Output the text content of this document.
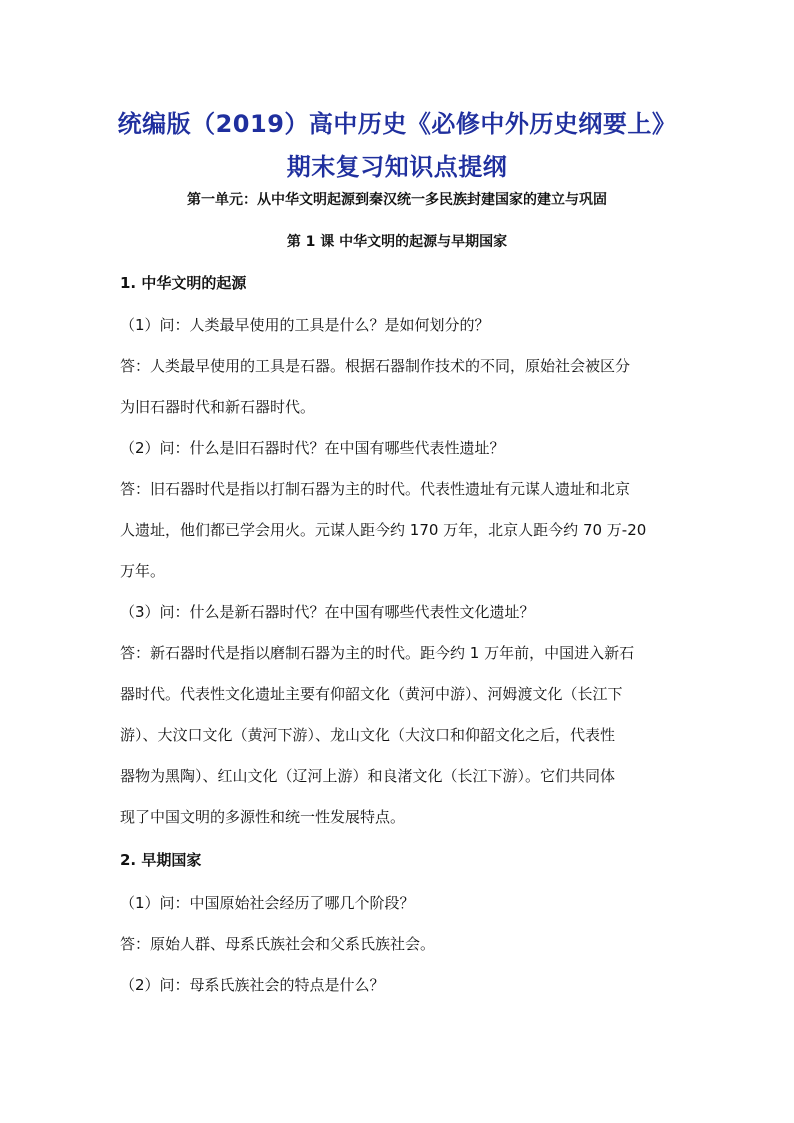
统编版（2019）高中历史《必修中外历史纲要上》
期末复习知识点提纲
第一单元：从中华文明起源到秦汉统一多民族封建国家的建立与巩固
第 1 课 中华文明的起源与早期国家
1. 中华文明的起源
（1）问：人类最早使用的工具是什么？是如何划分的？
答：人类最早使用的工具是石器。根据石器制作技术的不同，原始社会被区分
为旧石器时代和新石器时代。
（2）问：什么是旧石器时代？在中国有哪些代表性遗址？
答：旧石器时代是指以打制石器为主的时代。代表性遗址有元谋人遗址和北京
人遗址，他们都已学会用火。元谋人距今约 170 万年，北京人距今约 70 万-20
万年。
（3）问：什么是新石器时代？在中国有哪些代表性文化遗址？
答：新石器时代是指以磨制石器为主的时代。距今约 1 万年前，中国进入新石
器时代。代表性文化遗址主要有仰韶文化（黄河中游）、河姆渡文化（长江下
游）、大汶口文化（黄河下游）、龙山文化（大汶口和仰韶文化之后，代表性
器物为黑陶）、红山文化（辽河上游）和良渚文化（长江下游）。它们共同体
现了中国文明的多源性和统一性发展特点。
2. 早期国家
（1）问：中国原始社会经历了哪几个阶段？
答：原始人群、母系氏族社会和父系氏族社会。
（2）问：母系氏族社会的特点是什么？
